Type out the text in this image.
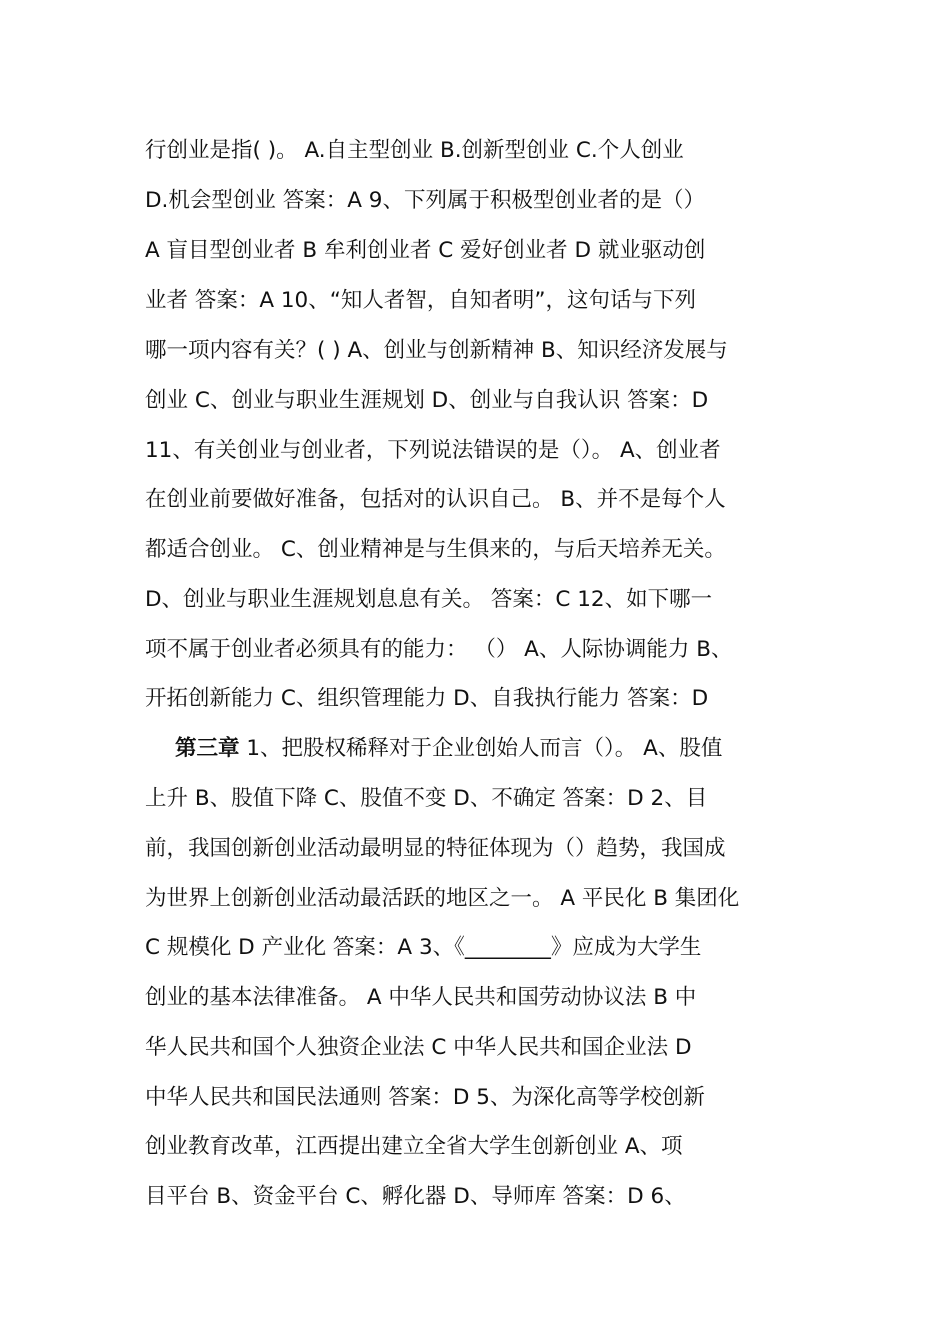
行创业是指( )。 A.自主型创业 B.创新型创业 C.个人创业
D.机会型创业 答案：A 9、下列属于积极型创业者的是（）
A 盲目型创业者 B 牟利创业者 C 爱好创业者 D 就业驱动创
业者 答案：A 10、“知人者智，自知者明”，这句话与下列
哪一项内容有关？( ) A、创业与创新精神 B、知识经济发展与
创业 C、创业与职业生涯规划 D、创业与自我认识 答案：D
11、有关创业与创业者，下列说法错误的是（）。 A、创业者
在创业前要做好准备，包括对的认识自己。 B、并不是每个人
都适合创业。 C、创业精神是与生俱来的，与后天培养无关。
D、创业与职业生涯规划息息有关。 答案：C 12、如下哪一
项不属于创业者必须具有的能力： （） A、人际协调能力 B、
开拓创新能力 C、组织管理能力 D、自我执行能力 答案：D
第三章 1、把股权稀释对于企业创始人而言（）。 A、股值
上升 B、股值下降 C、股值不变 D、不确定 答案：D 2、目
前，我国创新创业活动最明显的特征体现为（）趋势，我国成
为世界上创新创业活动最活跃的地区之一。 A 平民化 B 集团化
C 规模化 D 产业化 答案：A 3、《________》应成为大学生
创业的基本法律准备。 A 中华人民共和国劳动协议法 B 中
华人民共和国个人独资企业法 C 中华人民共和国企业法 D
中华人民共和国民法通则 答案：D 5、为深化高等学校创新
创业教育改革，江西提出建立全省大学生创新创业 A、项
目平台 B、资金平台 C、孵化器 D、导师库 答案：D 6、
